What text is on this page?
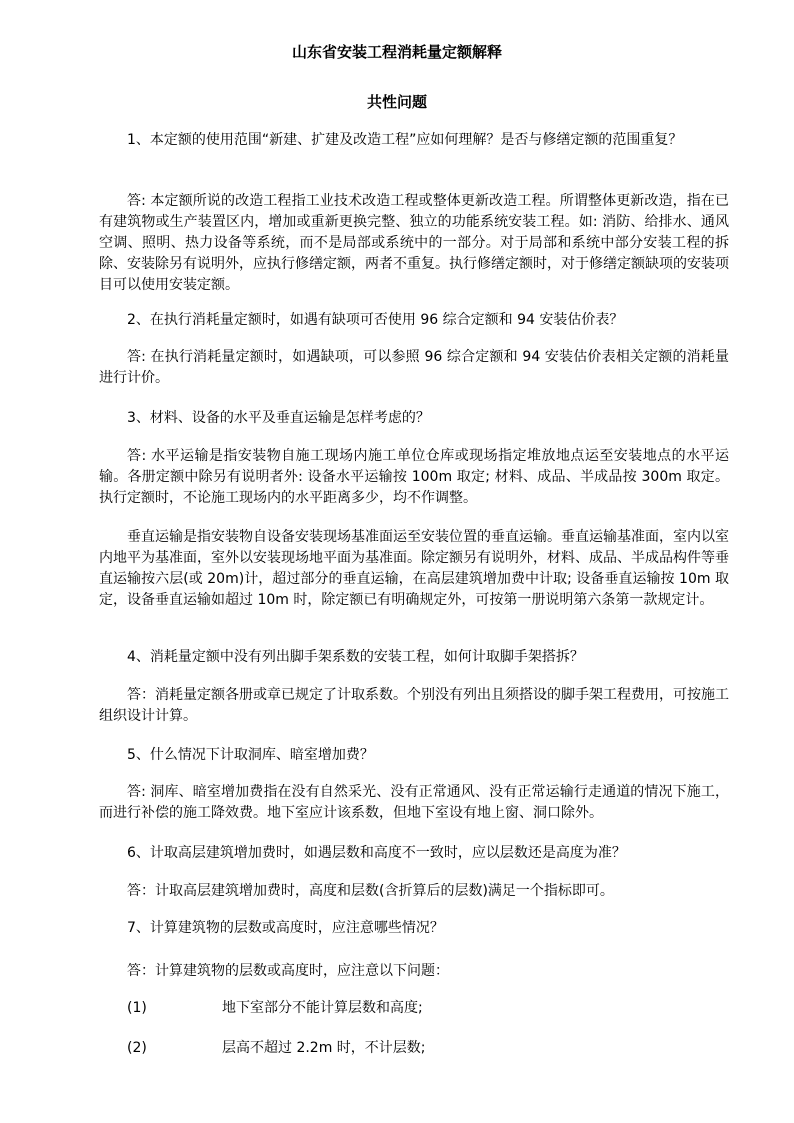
山东省安装工程消耗量定额解释
共性问题

1、本定额的使用范围“新建、扩建及改造工程”应如何理解？是否与修缮定额的范围重复？

答: 本定额所说的改造工程指工业技术改造工程或整体更新改造工程。所谓整体更新改造，指在已有建筑物或生产装置区内，增加或重新更换完整、独立的功能系统安装工程。如: 消防、给排水、通风空调、照明、热力设备等系统，而不是局部或系统中的一部分。对于局部和系统中部分安装工程的拆除、安装除另有说明外，应执行修缮定额，两者不重复。执行修缮定额时，对于修缮定额缺项的安装项目可以使用安装定额。

2、在执行消耗量定额时，如遇有缺项可否使用 96 综合定额和 94 安装估价表？

答: 在执行消耗量定额时，如遇缺项，可以参照 96 综合定额和 94 安装估价表相关定额的消耗量进行计价。

3、材料、设备的水平及垂直运输是怎样考虑的？

答: 水平运输是指安装物自施工现场内施工单位仓库或现场指定堆放地点运至安装地点的水平运输。各册定额中除另有说明者外: 设备水平运输按 100m 取定; 材料、成品、半成品按 300m 取定。执行定额时，不论施工现场内的水平距离多少，均不作调整。

垂直运输是指安装物自设备安装现场基准面运至安装位置的垂直运输。垂直运输基准面，室内以室内地平为基准面，室外以安装现场地平面为基准面。除定额另有说明外，材料、成品、半成品构件等垂直运输按六层(或 20m)计，超过部分的垂直运输，在高层建筑增加费中计取; 设备垂直运输按 10m 取定，设备垂直运输如超过 10m 时，除定额已有明确规定外，可按第一册说明第六条第一款规定计。

4、消耗量定额中没有列出脚手架系数的安装工程，如何计取脚手架搭拆？

答：消耗量定额各册或章已规定了计取系数。个别没有列出且须搭设的脚手架工程费用，可按施工组织设计计算。

5、什么情况下计取洞库、暗室增加费？

答: 洞库、暗室增加费指在没有自然采光、没有正常通风、没有正常运输行走通道的情况下施工，而进行补偿的施工降效费。地下室应计该系数，但地下室设有地上窗、洞口除外。

6、计取高层建筑增加费时，如遇层数和高度不一致时，应以层数还是高度为准？

答：计取高层建筑增加费时，高度和层数(含折算后的层数)满足一个指标即可。

7、计算建筑物的层数或高度时，应注意哪些情况？

答：计算建筑物的层数或高度时，应注意以下问题：

(1)	地下室部分不能计算层数和高度;
(2)	层高不超过 2.2m 时，不计层数;
